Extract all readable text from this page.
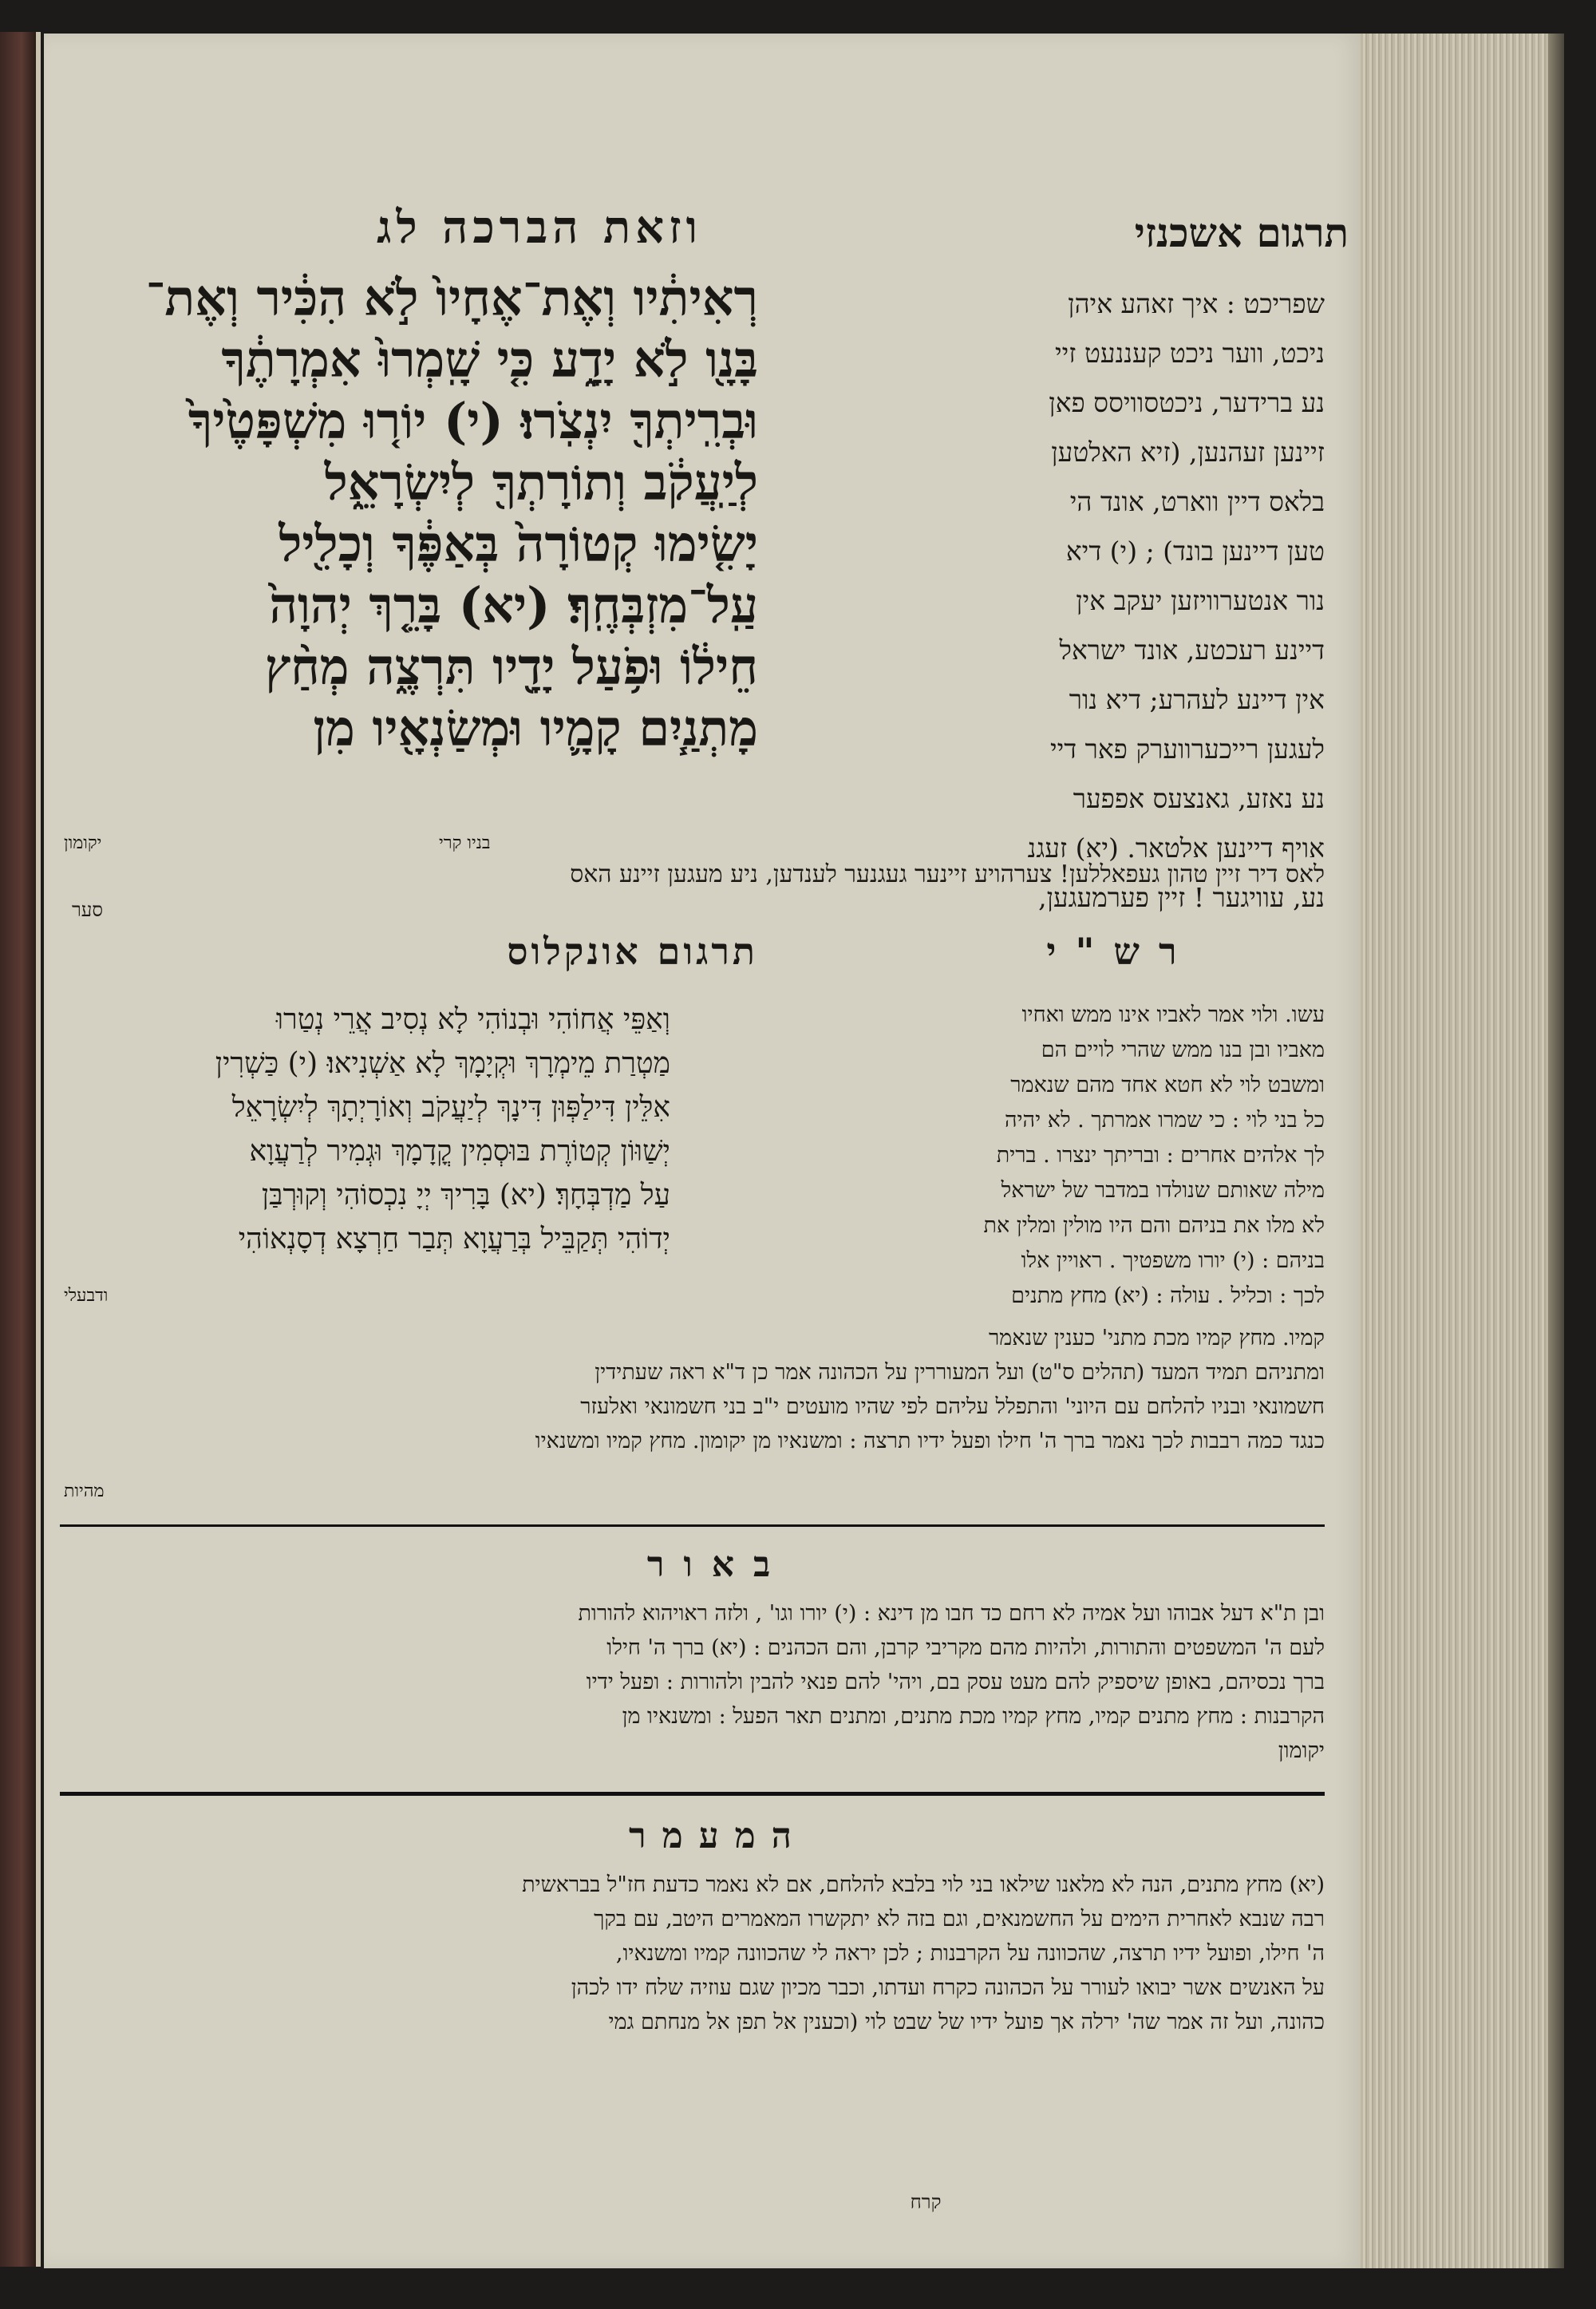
וזאת הברכה לג	תרגום אשכנזי
שפריכט : איך זאהע איהן
ניכט, ווער ניכט קעננעט זיי
נע ברידער, ניכטסוויסס פאן
זיינען זעהנען, (זיא האלטען
בלאס דיין ווארט, אונד הי
טען דיינען בונד) ; (י) דיא
נור אנטערוויזען יעקב אין
דיינע רעכטע, אונד ישראל
אין דיינע לעהרע; דיא נור
לעגען רייכערווערק פאר דיי
נע נאזע, גאנצעס אפפער
אויף דיינען אלטאר. (יא) זעגנ
נע, עוויגער ! זיין פערמעגען,
רְאִיתִ֔יו וְאֶת־אֶחָיו֙ לֹ֣א הִכִּ֔יר וְאֶת־
בָּנָ֖ו לֹ֣א יָדָ֑ע כִּ֤י שָֽׁמְרוּ֙ אִמְרָתֶ֔ךָ
וּבְרִֽיתְךָ֖ יִנְצֹֽרוּ׃ (י) יוֹר֤וּ מִשְׁפָּטֶ֙יךָ֙
לְיַֽעֲקֹ֔ב וְתוֹרָתְךָ֖ לְיִשְׂרָאֵ֑ל
יָשִׂ֤ימוּ קְטוֹרָה֙ בְּאַפֶּ֔ךָ וְכָלִ֖יל
עַֽל־מִזְבְּחֶֽךָ׃ (יא) בָּרֵ֤ךְ יְהוָה֙
חֵיל֔וֹ וּפֹ֥עַל יָדָ֖יו תִּרְצֶ֑ה מְחַ֨ץ
מָתְנַ֧יִם קָמָ֛יו וּמְשַׂנְאָ֖יו מִן
יקומון	בניו קרי
לאס דיר זיין טהון געפאללען! צערהויע זיינער געגנער לענדען, ניע מעגען זיינע האס
סער
תרגום אונקלוס	רש"י
וְאַפֵּי אֲחוֹהִי וּבְנוֹהִי לָא נְסִיב אֲרֵי נְטַרוּ
מַטְרַת מֵימְרָךְ וּקְיָמָךְ לָא אַשְׁנִיאוּ׃ (י) כַּשְׁרִין
אִלֵּין דִּילַפְּוּן דִּינָךְ לְיַעֲקֹב וְאוֹרָיְתָךְ לְיִשְׂרָאֵל
יְשַׁוּוֹן קְטוֹרֶת בּוּסְמִין קֳדָמָךְ וּגְמִיר לְרַעֲוָא
עַל מַדְבְּחָךְ׃ (יא) בָּרִיךְ יְיָ נִכְסוֹהִי וְקוּרְבַּן
יְדוֹהִי תְּקַבֵּיל בְּרַעֲוָא תְּבַר חַרְצָא דְסָנְאוֹהִי
ודבעלי
עשו. ולוי אמר לאביו אינו ממש ואחיו
מאביו ובן בנו ממש שהרי לויים הם
ומשבט לוי לא חטא אחד מהם שנאמר
כל בני לוי : כי שמרו אמרתך . לא יהיה
לך אלהים אחרים : ובריתך ינצרו . ברית
מילה שאותם שנולדו במדבר של ישראל
לא מלו את בניהם והם היו מולין ומלין את
בניהם : (י) יורו משפטיך . ראויין אלו
לכך : וכליל . עולה : (יא) מחץ מתנים
קמיו. מחץ קמיו מכת מתני' כענין שנאמר
ומתניהם תמיד המעד (תהלים ס"ט) ועל המעוררין על הכהונה אמר כן ד"א ראה שעתידין
חשמונאי ובניו להלחם עם היוני' והתפלל עליהם לפי שהיו מועטים י"ב בני חשמונאי ואלעזר
כנגד כמה רבבות לכך נאמר ברך ה' חילו ופעל ידיו תרצה : ומשנאיו מן יקומון. מחץ קמיו ומשנאיו
מהיות
באור
ובן ת"א דעל אבוהו ועל אמיה לא רחם כד חבו מן דינא : (י) יורו וגו' , ולזה ראויהוא להורות
לעם ה' המשפטים והתורות, ולהיות מהם מקריבי קרבן, והם הכהנים : (יא) ברך ה' חילו
ברך נכסיהם, באופן שיספיק להם מעט עסק בם, ויהי' להם פנאי להבין ולהורות : ופעל ידיו
הקרבנות : מחץ מתנים קמיו, מחץ קמיו מכת מתנים, ומתנים תאר הפעל : ומשנאיו מן
יקומון
המעמר
(יא) מחץ מתנים, הנה לא מלאנו שילאו בני לוי בלבא להלחם, אם לא נאמר כדעת חז"ל בבראשית
רבה שנבא לאחרית הימים על החשמנאים, וגם בזה לא יתקשרו המאמרים היטב, עם בקך
ה' חילו, ופועל ידיו תרצה, שהכוונה על הקרבנות ; לכן יראה לי שהכוונה קמיו ומשנאיו,
על האנשים אשר יבואו לעורר על הכהונה כקרח ועדתו, וכבר מכיון שגם עוזיה שלח ידו לכהן
כהונה, ועל זה אמר שה' ירלה אך פועל ידיו של שבט לוי (וכענין אל תפן אל מנחתם גמי
קרח
